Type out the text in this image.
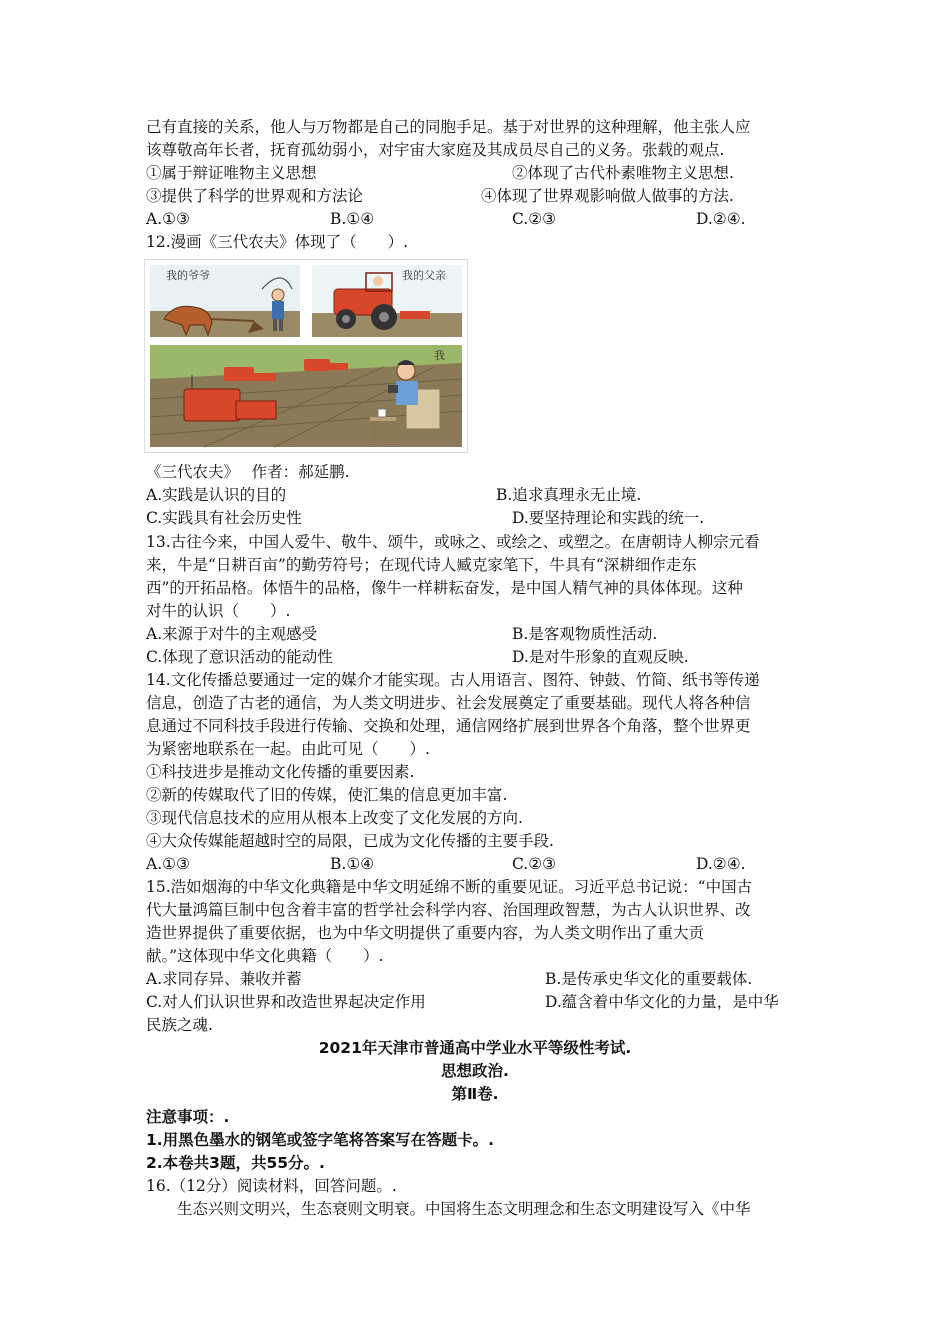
己有直接的关系，他人与万物都是自己的同胞手足。基于对世界的这种理解，他主张人应
该尊敬高年长者，抚育孤幼弱小，对宇宙大家庭及其成员尽自己的义务。张载的观点.
①属于辩证唯物主义思想	②体现了古代朴素唯物主义思想.
③提供了科学的世界观和方法论	④体现了世界观影响做人做事的方法.
A.①③	B.①④	C.②③	D.②④.
12.漫画《三代农夫》体现了（　　）.
我的爷爷	我的父亲
我
《三代农夫》　 作者：郝延鹏.
A.实践是认识的目的	B.追求真理永无止境.
C.实践具有社会历史性	D.要坚持理论和实践的统一.
13.古往今来，中国人爱牛、敬牛、颂牛，或咏之、或绘之、或塑之。在唐朝诗人柳宗元看
来，牛是“日耕百亩”的勤劳符号；在现代诗人臧克家笔下，牛具有“深耕细作走东
西”的开拓品格。体悟牛的品格，像牛一样耕耘奋发，是中国人精气神的具体体现。这种
对牛的认识（　　）.
A.来源于对牛的主观感受	B.是客观物质性活动.
C.体现了意识活动的能动性	D.是对牛形象的直观反映.
14.文化传播总要通过一定的媒介才能实现。古人用语言、图符、钟鼓、竹简、纸书等传递
信息，创造了古老的通信，为人类文明进步、社会发展奠定了重要基础。现代人将各种信
息通过不同科技手段进行传输、交换和处理，通信网络扩展到世界各个角落，整个世界更
为紧密地联系在一起。由此可见（　　）.
①科技进步是推动文化传播的重要因素.
②新的传媒取代了旧的传媒，使汇集的信息更加丰富.
③现代信息技术的应用从根本上改变了文化发展的方向.
④大众传媒能超越时空的局限，已成为文化传播的主要手段.
A.①③	B.①④	C.②③	D.②④.
15.浩如烟海的中华文化典籍是中华文明延绵不断的重要见证。习近平总书记说：“中国古
代大量鸿篇巨制中包含着丰富的哲学社会科学内容、治国理政智慧，为古人认识世界、改
造世界提供了重要依据，也为中华文明提供了重要内容，为人类文明作出了重大贡
献。”这体现中华文化典籍（　　）.
A.求同存异、兼收并蓄	B.是传承史华文化的重要载体.
C.对人们认识世界和改造世界起决定作用	D.蕴含着中华文化的力量，是中华
民族之魂.
2021年天津市普通高中学业水平等级性考试.
思想政治.
第Ⅱ卷.
注意事项：.
1.用黑色墨水的钢笔或签字笔将答案写在答题卡。.
2.本卷共3题，共55分。.
16.（12分）阅读材料，回答问题。.
　　生态兴则文明兴，生态衰则文明衰。中国将生态文明理念和生态文明建设写入《中华
